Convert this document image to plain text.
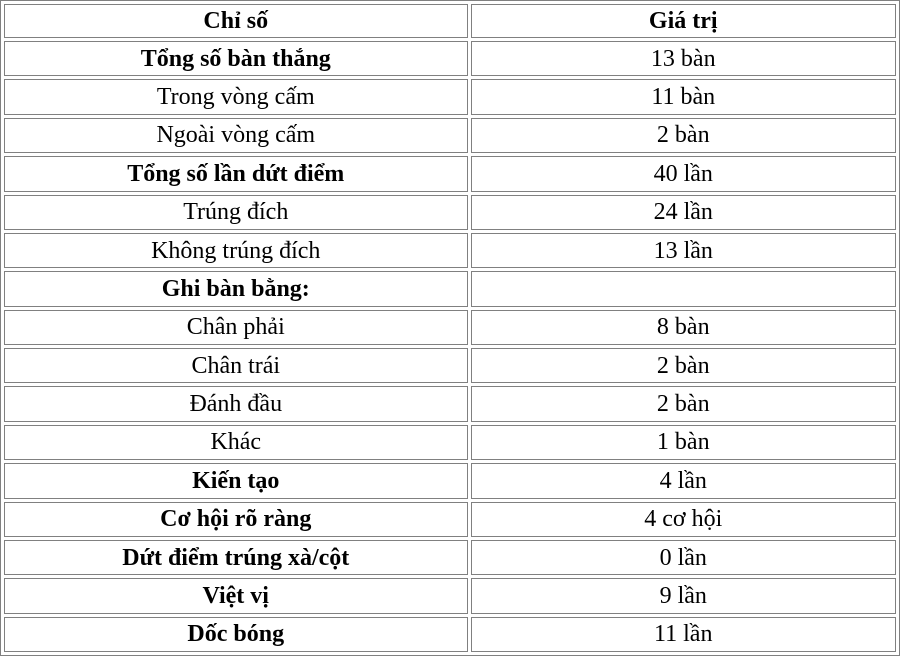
Chỉ số	Giá trị
Tổng số bàn thắng	13 bàn
Trong vòng cấm	11 bàn
Ngoài vòng cấm	2 bàn
Tổng số lần dứt điểm	40 lần
Trúng đích	24 lần
Không trúng đích	13 lần
Ghi bàn bằng:	
Chân phải	8 bàn
Chân trái	2 bàn
Đánh đầu	2 bàn
Khác	1 bàn
Kiến tạo	4 lần
Cơ hội rõ ràng	4 cơ hội
Dứt điểm trúng xà/cột	0 lần
Việt vị	9 lần
Dốc bóng	11 lần
